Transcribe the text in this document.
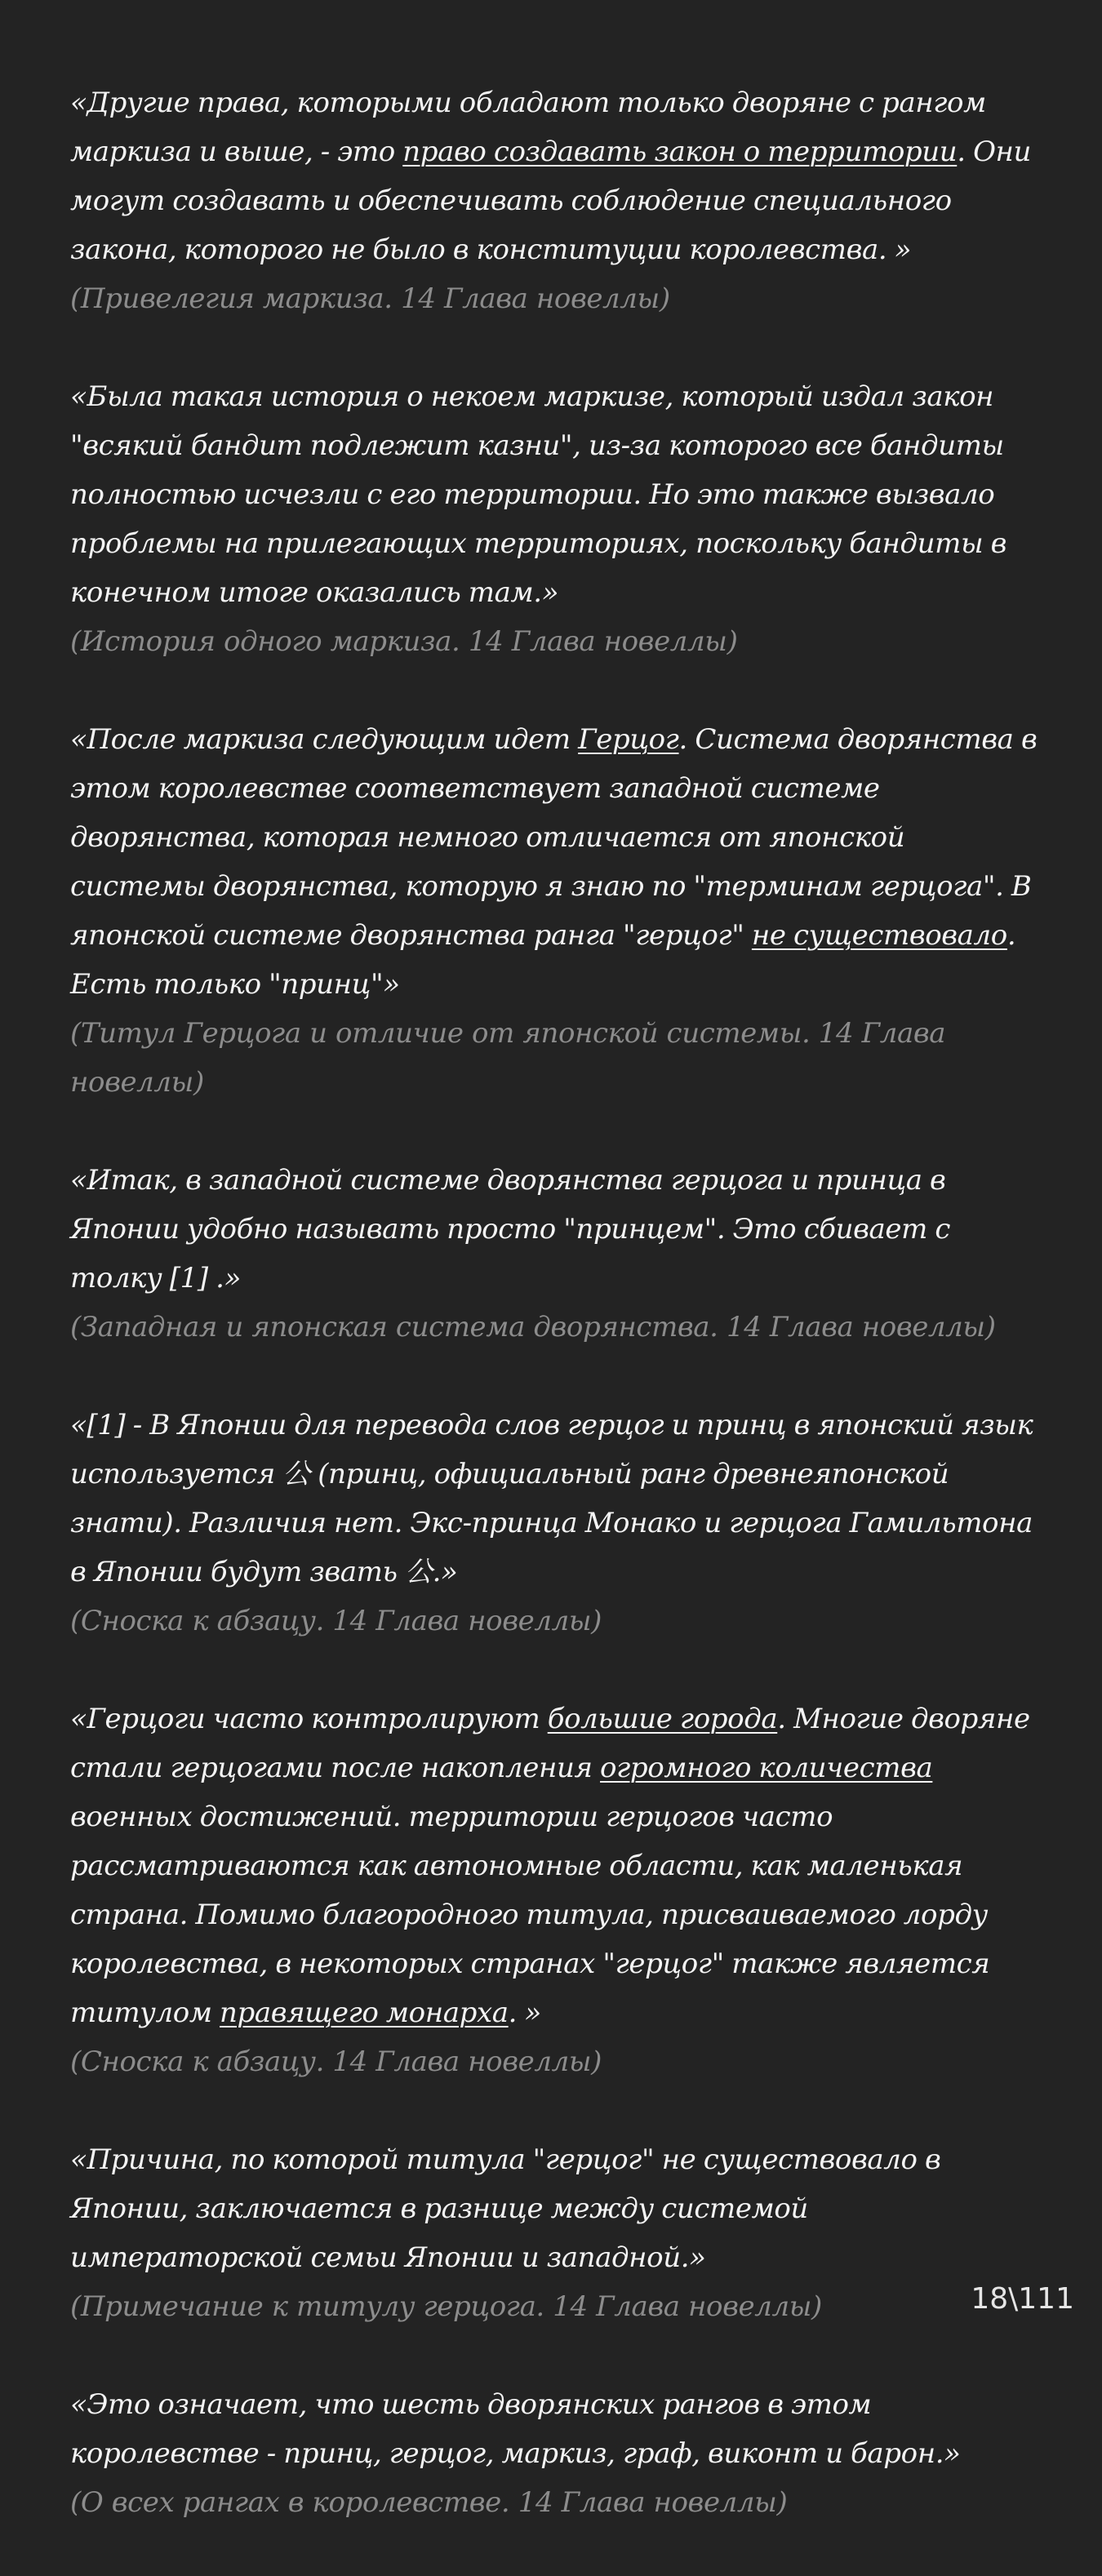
«Другие права, которыми обладают только дворяне с рангом маркиза и выше, - это право создавать закон о территории. Они могут создавать и обеспечивать соблюдение специального закона, которого не было в конституции королевства. »
(Привелегия маркиза. 14 Глава новеллы)
«Была такая история о некоем маркизе, который издал закон "всякий бандит подлежит казни", из-за которого все бандиты полностью исчезли с его территории. Но это также вызвало проблемы на прилегающих территориях, поскольку бандиты в конечном итоге оказались там.»
(История одного маркиза. 14 Глава новеллы)
«После маркиза следующим идет Герцог. Система дворянства в этом королевстве соответствует западной системе дворянства, которая немного отличается от японской системы дворянства, которую я знаю по "терминам герцога". В японской системе дворянства ранга "герцог" не существовало. Есть только "принц"»
(Титул Герцога и отличие от японской системы. 14 Глава новеллы)
«Итак, в западной системе дворянства герцога и принца в Японии удобно называть просто "принцем". Это сбивает с толку [1] .»
(Западная и японская система дворянства. 14 Глава новеллы)
«[1] - В Японии для перевода слов герцог и принц в японский язык используется 公 (принц, официальный ранг древнеяпонской знати). Различия нет. Экс-принца Монако и герцога Гамильтона в Японии будут звать 公.»
(Сноска к абзацу. 14 Глава новеллы)
«Герцоги часто контролируют большие города. Многие дворяне стали герцогами после накопления огромного количества военных достижений. территории герцогов часто рассматриваются как автономные области, как маленькая страна. Помимо благородного титула, присваиваемого лорду королевства, в некоторых странах "герцог" также является титулом правящего монарха. »
(Сноска к абзацу. 14 Глава новеллы)
«Причина, по которой титула "герцог" не существовало в Японии, заключается в разнице между системой императорской семьи Японии и западной.»
(Примечание к титулу герцога. 14 Глава новеллы)
«Это означает, что шесть дворянских рангов в этом королевстве - принц, герцог, маркиз, граф, виконт и барон.»
(О всех рангах в королевстве. 14 Глава новеллы)
18\111
